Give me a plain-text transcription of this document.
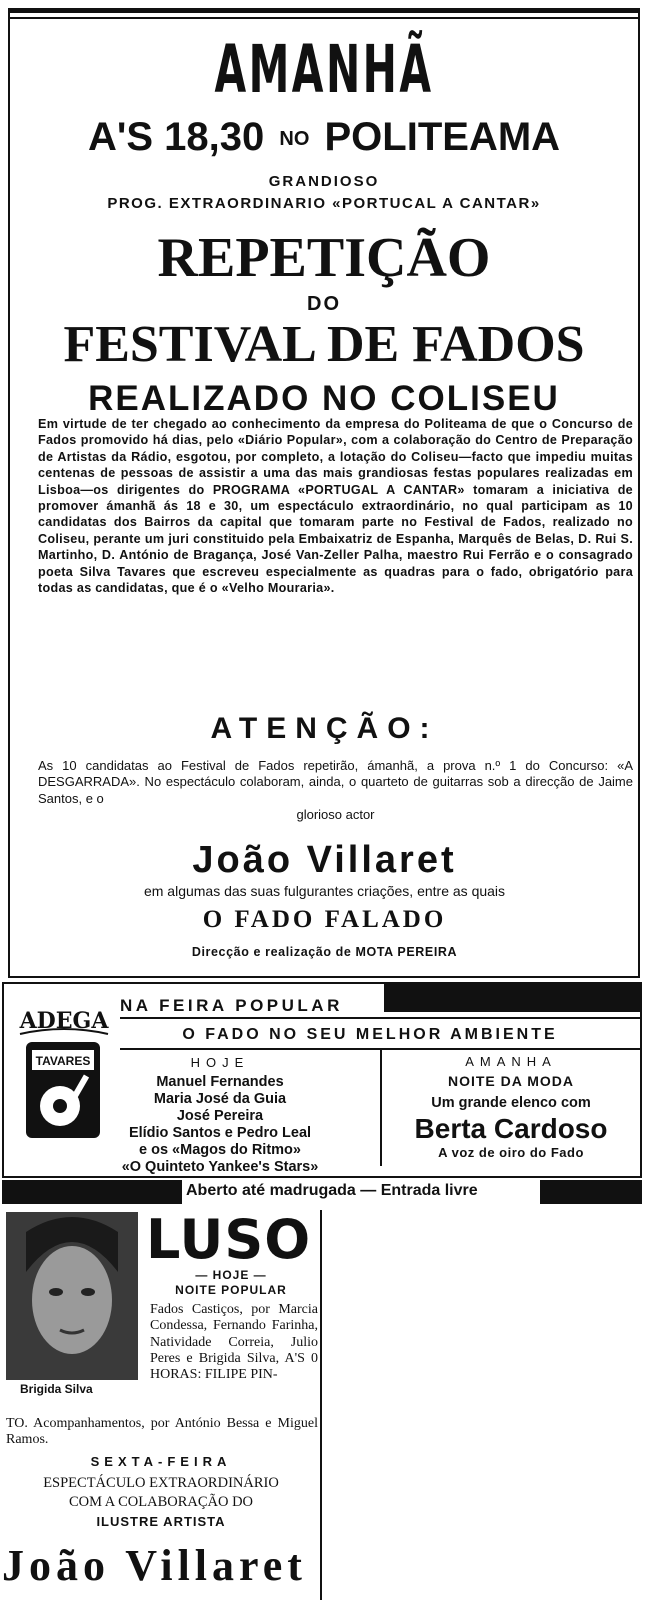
AMANHÃ
A'S 18,30 NO POLITEAMA
GRANDIOSO
PROG. EXTRAORDINARIO «PORTUCAL A CANTAR»
REPETIÇÃO
DO
FESTIVAL DE FADOS
REALIZADO NO COLISEU
Em virtude de ter chegado ao conhecimento da empresa do Politeama de que o Concurso de Fados promovido há dias, pelo «Diário Popular», com a colaboração do Centro de Preparação de Artistas da Rádio, esgotou, por completo, a lotação do Coliseu—facto que impediu muitas centenas de pessoas de assistir a uma das mais grandiosas festas populares realizadas em Lisboa—os dirigentes do PROGRAMA «PORTUGAL A CANTAR» tomaram a iniciativa de promover ámanhã ás 18 e 30, um espectáculo extraordinário, no qual participam as 10 candidatas dos Bairros da capital que tomaram parte no Festival de Fados, realizado no Coliseu, perante um juri constituido pela Embaixatriz de Espanha, Marquês de Belas, D. Rui S. Martinho, D. António de Bragança, José Van-Zeller Palha, maestro Rui Ferrão e o consagrado poeta Silva Tavares que escreveu especialmente as quadras para o fado, obrigatório para todas as candidatas, que é o «Velho Mouraria».
ATENÇÃO:
As 10 candidatas ao Festival de Fados repetirão, ámanhã, a prova n.º 1 do Concurso: «A DESGARRADA». No espectáculo colaboram, ainda, o quarteto de guitarras sob a direcção de Jaime Santos, e o
glorioso actor
João Villaret
em algumas das suas fulgurantes criações, entre as quais
O FADO FALADO
Direcção e realização de MOTA PEREIRA
ADEGA
TAVARES
NA FEIRA POPULAR
O FADO NO SEU MELHOR AMBIENTE
HOJE
Manuel Fernandes
Maria José da Guia
José Pereira
Elídio Santos e Pedro Leal
e os «Magos do Ritmo»
«O Quinteto Yankee's Stars»
AMANHA
NOITE DA MODA
Um grande elenco com
Berta Cardoso
A voz de oiro do Fado
Aberto até madrugada — Entrada livre
Brigida Silva
LUSO
— HOJE —
NOITE POPULAR
Fados Castiços, por Marcia Condessa, Fernando Farinha, Natividade Correia, Julio Peres e Brigida Silva, A'S 0 HORAS: FILIPE PIN-
TO. Acompanhamentos, por António Bessa e Miguel Ramos.
SEXTA-FEIRA
ESPECTÁCULO EXTRAORDINÁRIO
COM A COLABORAÇÃO DO
ILUSTRE ARTISTA
João Villaret
